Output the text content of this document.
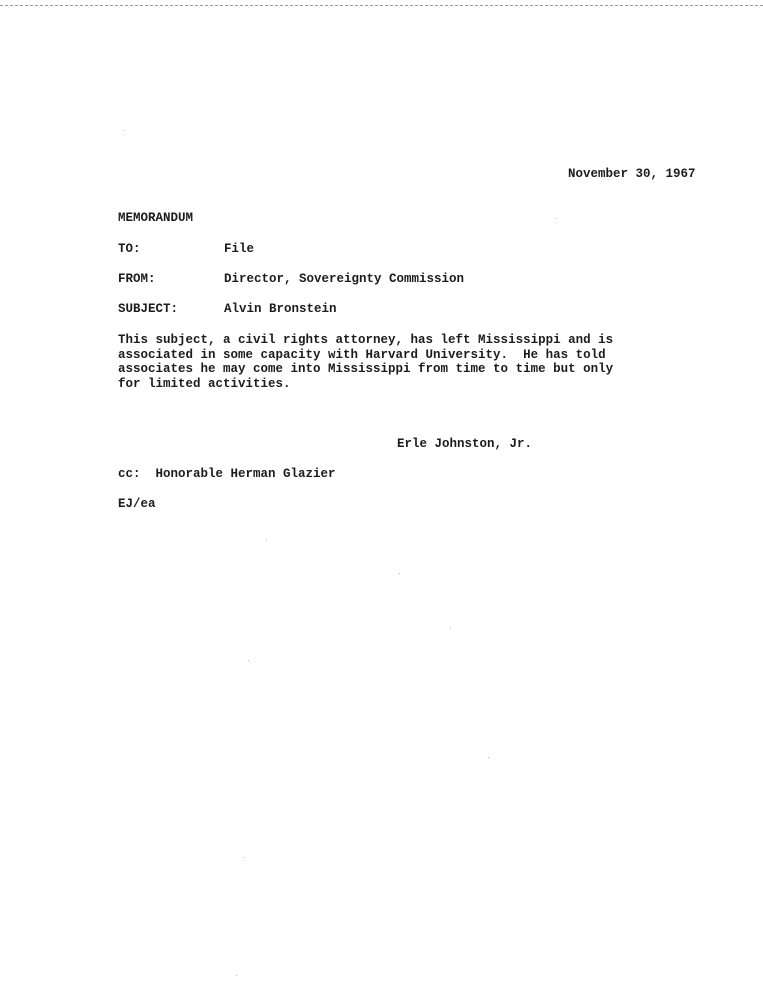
November 30, 1967
MEMORANDUM
TO:	File
FROM:	Director, Sovereignty Commission
SUBJECT:	Alvin Bronstein
This subject, a civil rights attorney, has left Mississippi and is
associated in some capacity with Harvard University.  He has told
associates he may come into Mississippi from time to time but only
for limited activities.
Erle Johnston, Jr.
cc:  Honorable Herman Glazier
EJ/ea
